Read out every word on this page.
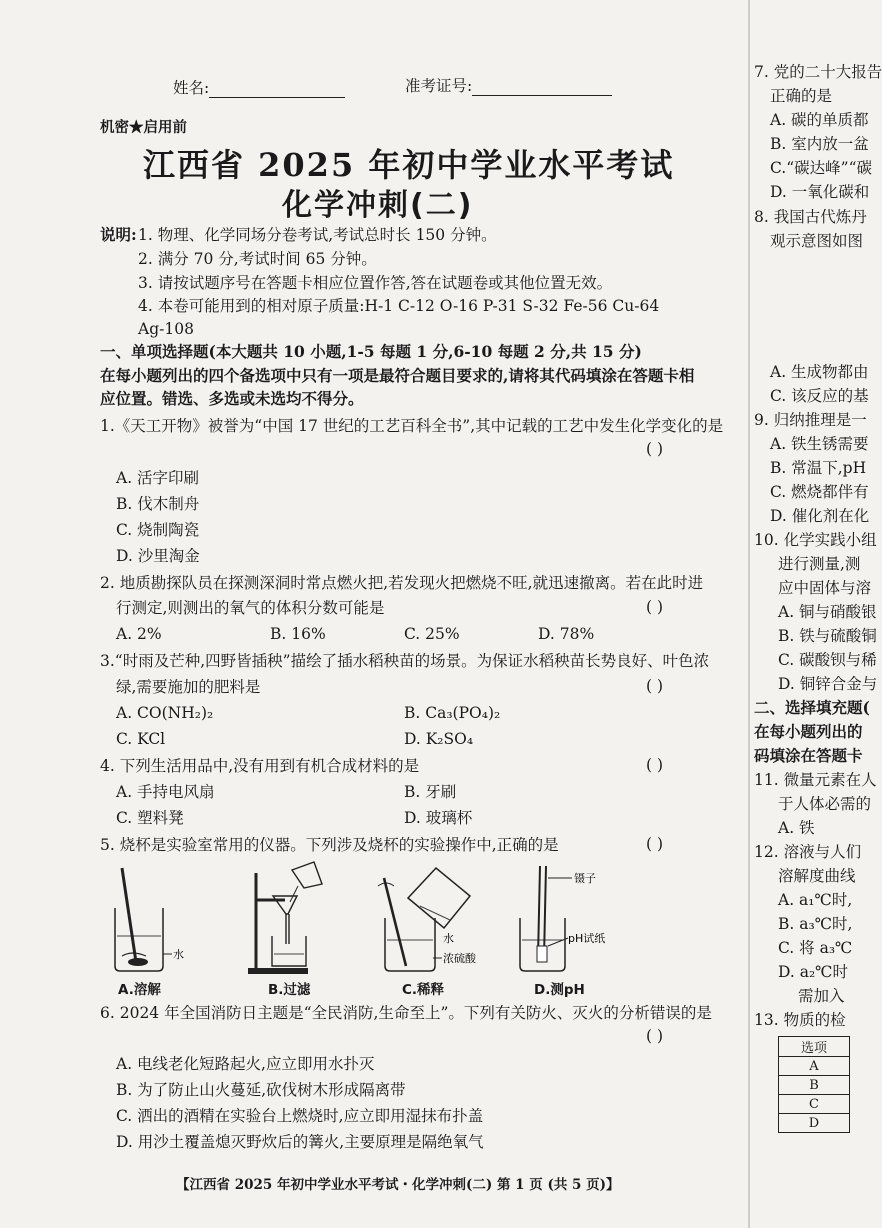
姓名:	准考证号:
机密★启用前
江西省 2025 年初中学业水平考试
化学冲刺(二)
说明: 1. 物理、化学同场分卷考试,考试总时长 150 分钟。
2. 满分 70 分,考试时间 65 分钟。
3. 请按试题序号在答题卡相应位置作答,答在试题卷或其他位置无效。
4. 本卷可能用到的相对原子质量:H-1 C-12 O-16 P-31 S-32 Fe-56 Cu-64
Ag-108
一、单项选择题(本大题共 10 小题,1-5 每题 1 分,6-10 每题 2 分,共 15 分)
在每小题列出的四个备选项中只有一项是最符合题目要求的,请将其代码填涂在答题卡相
应位置。错选、多选或未选均不得分。
1.《天工开物》被誉为“中国 17 世纪的工艺百科全书”,其中记载的工艺中发生化学变化的是
( )
A. 活字印刷
B. 伐木制舟
C. 烧制陶瓷
D. 沙里淘金
2. 地质勘探队员在探测深洞时常点燃火把,若发现火把燃烧不旺,就迅速撤离。若在此时进
行测定,则测出的氧气的体积分数可能是	( )
A. 2%	B. 16%	C. 25%	D. 78%
3.“时雨及芒种,四野皆插秧”描绘了插水稻秧苗的场景。为保证水稻秧苗长势良好、叶色浓
绿,需要施加的肥料是	( )
A. CO(NH₂)₂	B. Ca₃(PO₄)₂
C. KCl	D. K₂SO₄
4. 下列生活用品中,没有用到有机合成材料的是	( )
A. 手持电风扇	B. 牙刷
C. 塑料凳	D. 玻璃杯
5. 烧杯是实验室常用的仪器。下列涉及烧杯的实验操作中,正确的是	( )
水
水
浓硫酸
镊子
pH试纸
A.溶解	B.过滤	C.稀释	D.测pH
6. 2024 年全国消防日主题是“全民消防,生命至上”。下列有关防火、灭火的分析错误的是
( )
A. 电线老化短路起火,应立即用水扑灭
B. 为了防止山火蔓延,砍伐树木形成隔离带
C. 洒出的酒精在实验台上燃烧时,应立即用湿抹布扑盖
D. 用沙土覆盖熄灭野炊后的篝火,主要原理是隔绝氧气
【江西省 2025 年初中学业水平考试・化学冲刺(二) 第 1 页 (共 5 页)】
7. 党的二十大报告
正确的是
A. 碳的单质都
B. 室内放一盆
C.“碳达峰”“碳
D. 一氧化碳和
8. 我国古代炼丹
观示意图如图
A. 生成物都由
C. 该反应的基
9. 归纳推理是一
A. 铁生锈需要
B. 常温下,pH
C. 燃烧都伴有
D. 催化剂在化
10. 化学实践小组
进行测量,测
应中固体与溶
A. 铜与硝酸银
B. 铁与硫酸铜
C. 碳酸钡与稀
D. 铜锌合金与
二、选择填充题(
在每小题列出的
码填涂在答题卡
11. 微量元素在人
于人体必需的
A. 铁
12. 溶液与人们
溶解度曲线
A. a₁℃时,
B. a₃℃时,
C. 将 a₃℃
D. a₂℃时
需加入
13. 物质的检
选项
A
B
C
D
